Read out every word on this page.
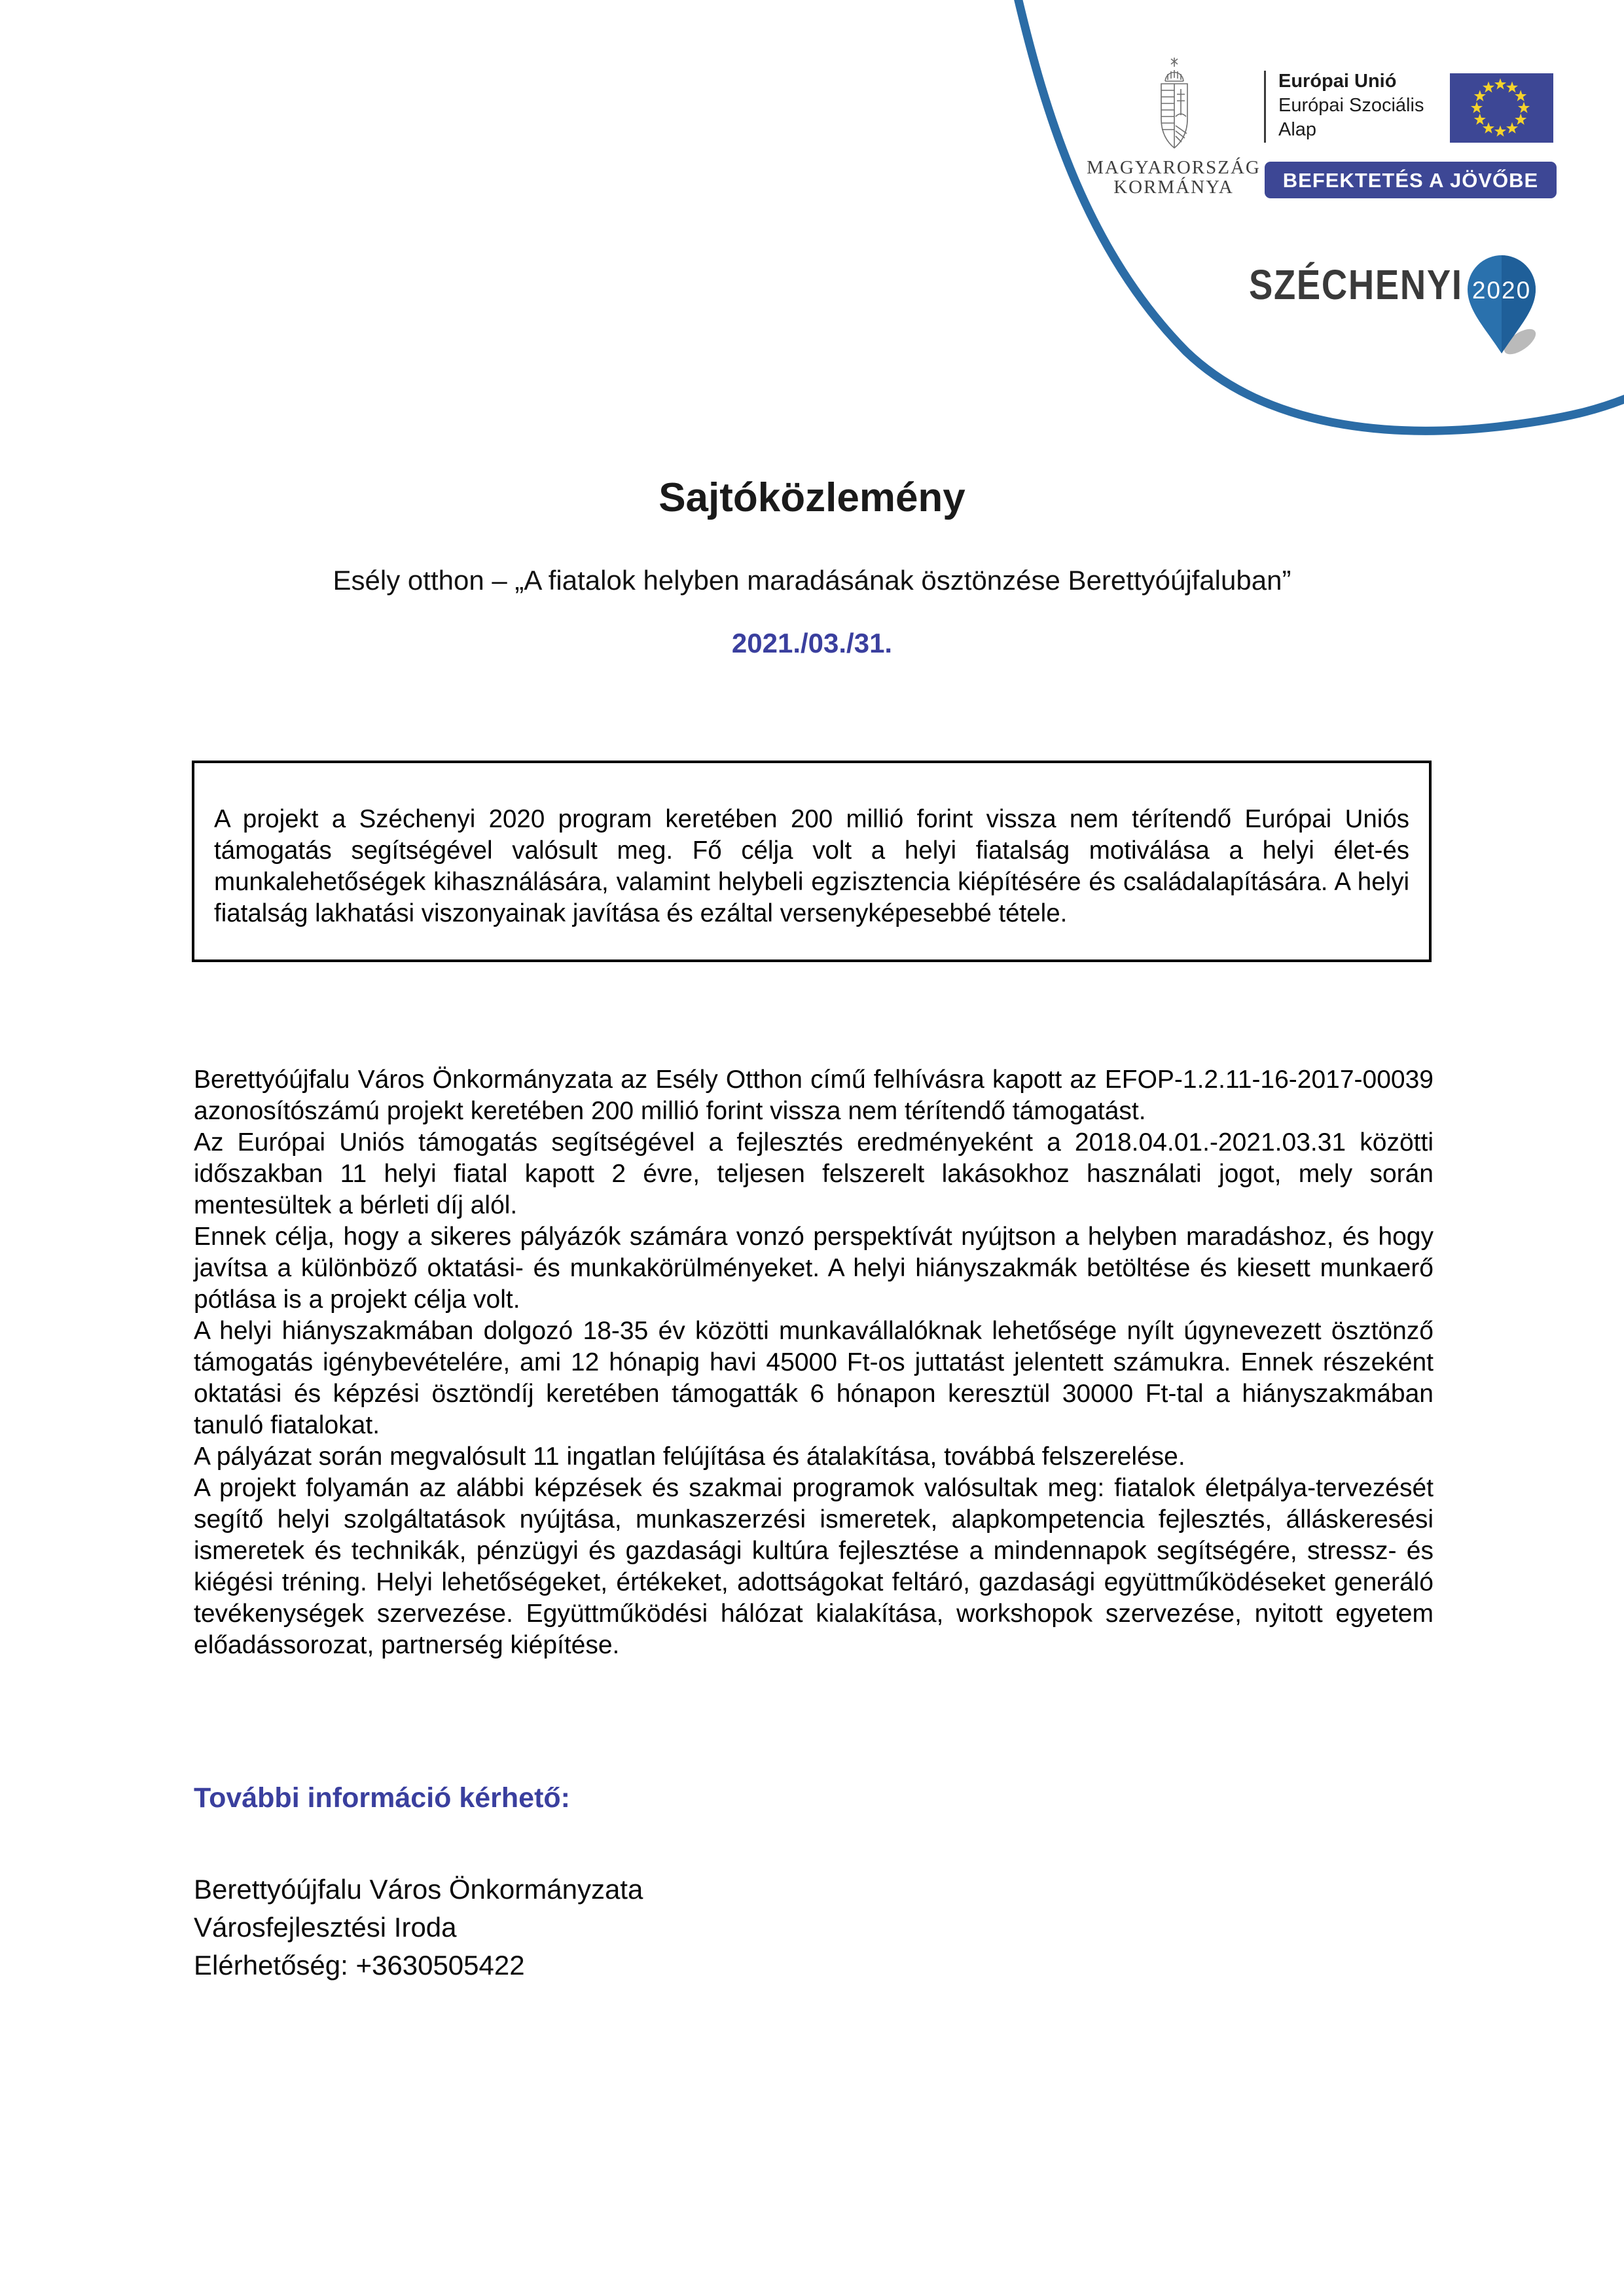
MAGYARORSZÁG
KORMÁNYA
Európai Unió
Európai Szociális
Alap
BEFEKTETÉS A JÖVŐBE
SZÉCHENYI 2020
Sajtóközlemény
Esély otthon – „A fiatalok helyben maradásának ösztönzése Berettyóújfaluban”
2021./03./31.
A projekt a Széchenyi 2020 program keretében 200 millió forint vissza nem térítendő Európai Uniós támogatás segítségével valósult meg. Fő célja volt a helyi fiatalság motiválása a helyi élet-és munkalehetőségek kihasználására, valamint helybeli egzisztencia kiépítésére és családalapítására. A helyi fiatalság lakhatási viszonyainak javítása és ezáltal versenyképesebbé tétele.

Berettyóújfalu Város Önkormányzata az Esély Otthon című felhívásra kapott az EFOP-1.2.11-16-2017-00039 azonosítószámú projekt keretében 200 millió forint vissza nem térítendő támogatást.

Az Európai Uniós támogatás segítségével a fejlesztés eredményeként a 2018.04.01.-2021.03.31 közötti időszakban 11 helyi fiatal kapott 2 évre, teljesen felszerelt lakásokhoz használati jogot, mely során mentesültek a bérleti díj alól.

Ennek célja, hogy a sikeres pályázók számára vonzó perspektívát nyújtson a helyben maradáshoz, és hogy javítsa a különböző oktatási- és munkakörülményeket. A helyi hiányszakmák betöltése és kiesett munkaerő pótlása is a projekt célja volt.

A helyi hiányszakmában dolgozó 18-35 év közötti munkavállalóknak lehetősége nyílt úgynevezett ösztönző támogatás igénybevételére, ami 12 hónapig havi 45000 Ft-os juttatást jelentett számukra. Ennek részeként oktatási és képzési ösztöndíj keretében támogatták 6 hónapon keresztül 30000 Ft-tal a hiányszakmában tanuló fiatalokat.

A pályázat során megvalósult 11 ingatlan felújítása és átalakítása, továbbá felszerelése.

A projekt folyamán az alábbi képzések és szakmai programok valósultak meg: fiatalok életpálya-tervezését segítő helyi szolgáltatások nyújtása, munkaszerzési ismeretek, alapkompetencia fejlesztés, álláskeresési ismeretek és technikák, pénzügyi és gazdasági kultúra fejlesztése a mindennapok segítségére, stressz- és kiégési tréning. Helyi lehetőségeket, értékeket, adottságokat feltáró, gazdasági együttműködéseket generáló tevékenységek szervezése. Együttműködési hálózat kialakítása, workshopok szervezése, nyitott egyetem előadássorozat, partnerség kiépítése.

További információ kérhető:
Berettyóújfalu Város Önkormányzata
Városfejlesztési Iroda
Elérhetőség: +3630505422
